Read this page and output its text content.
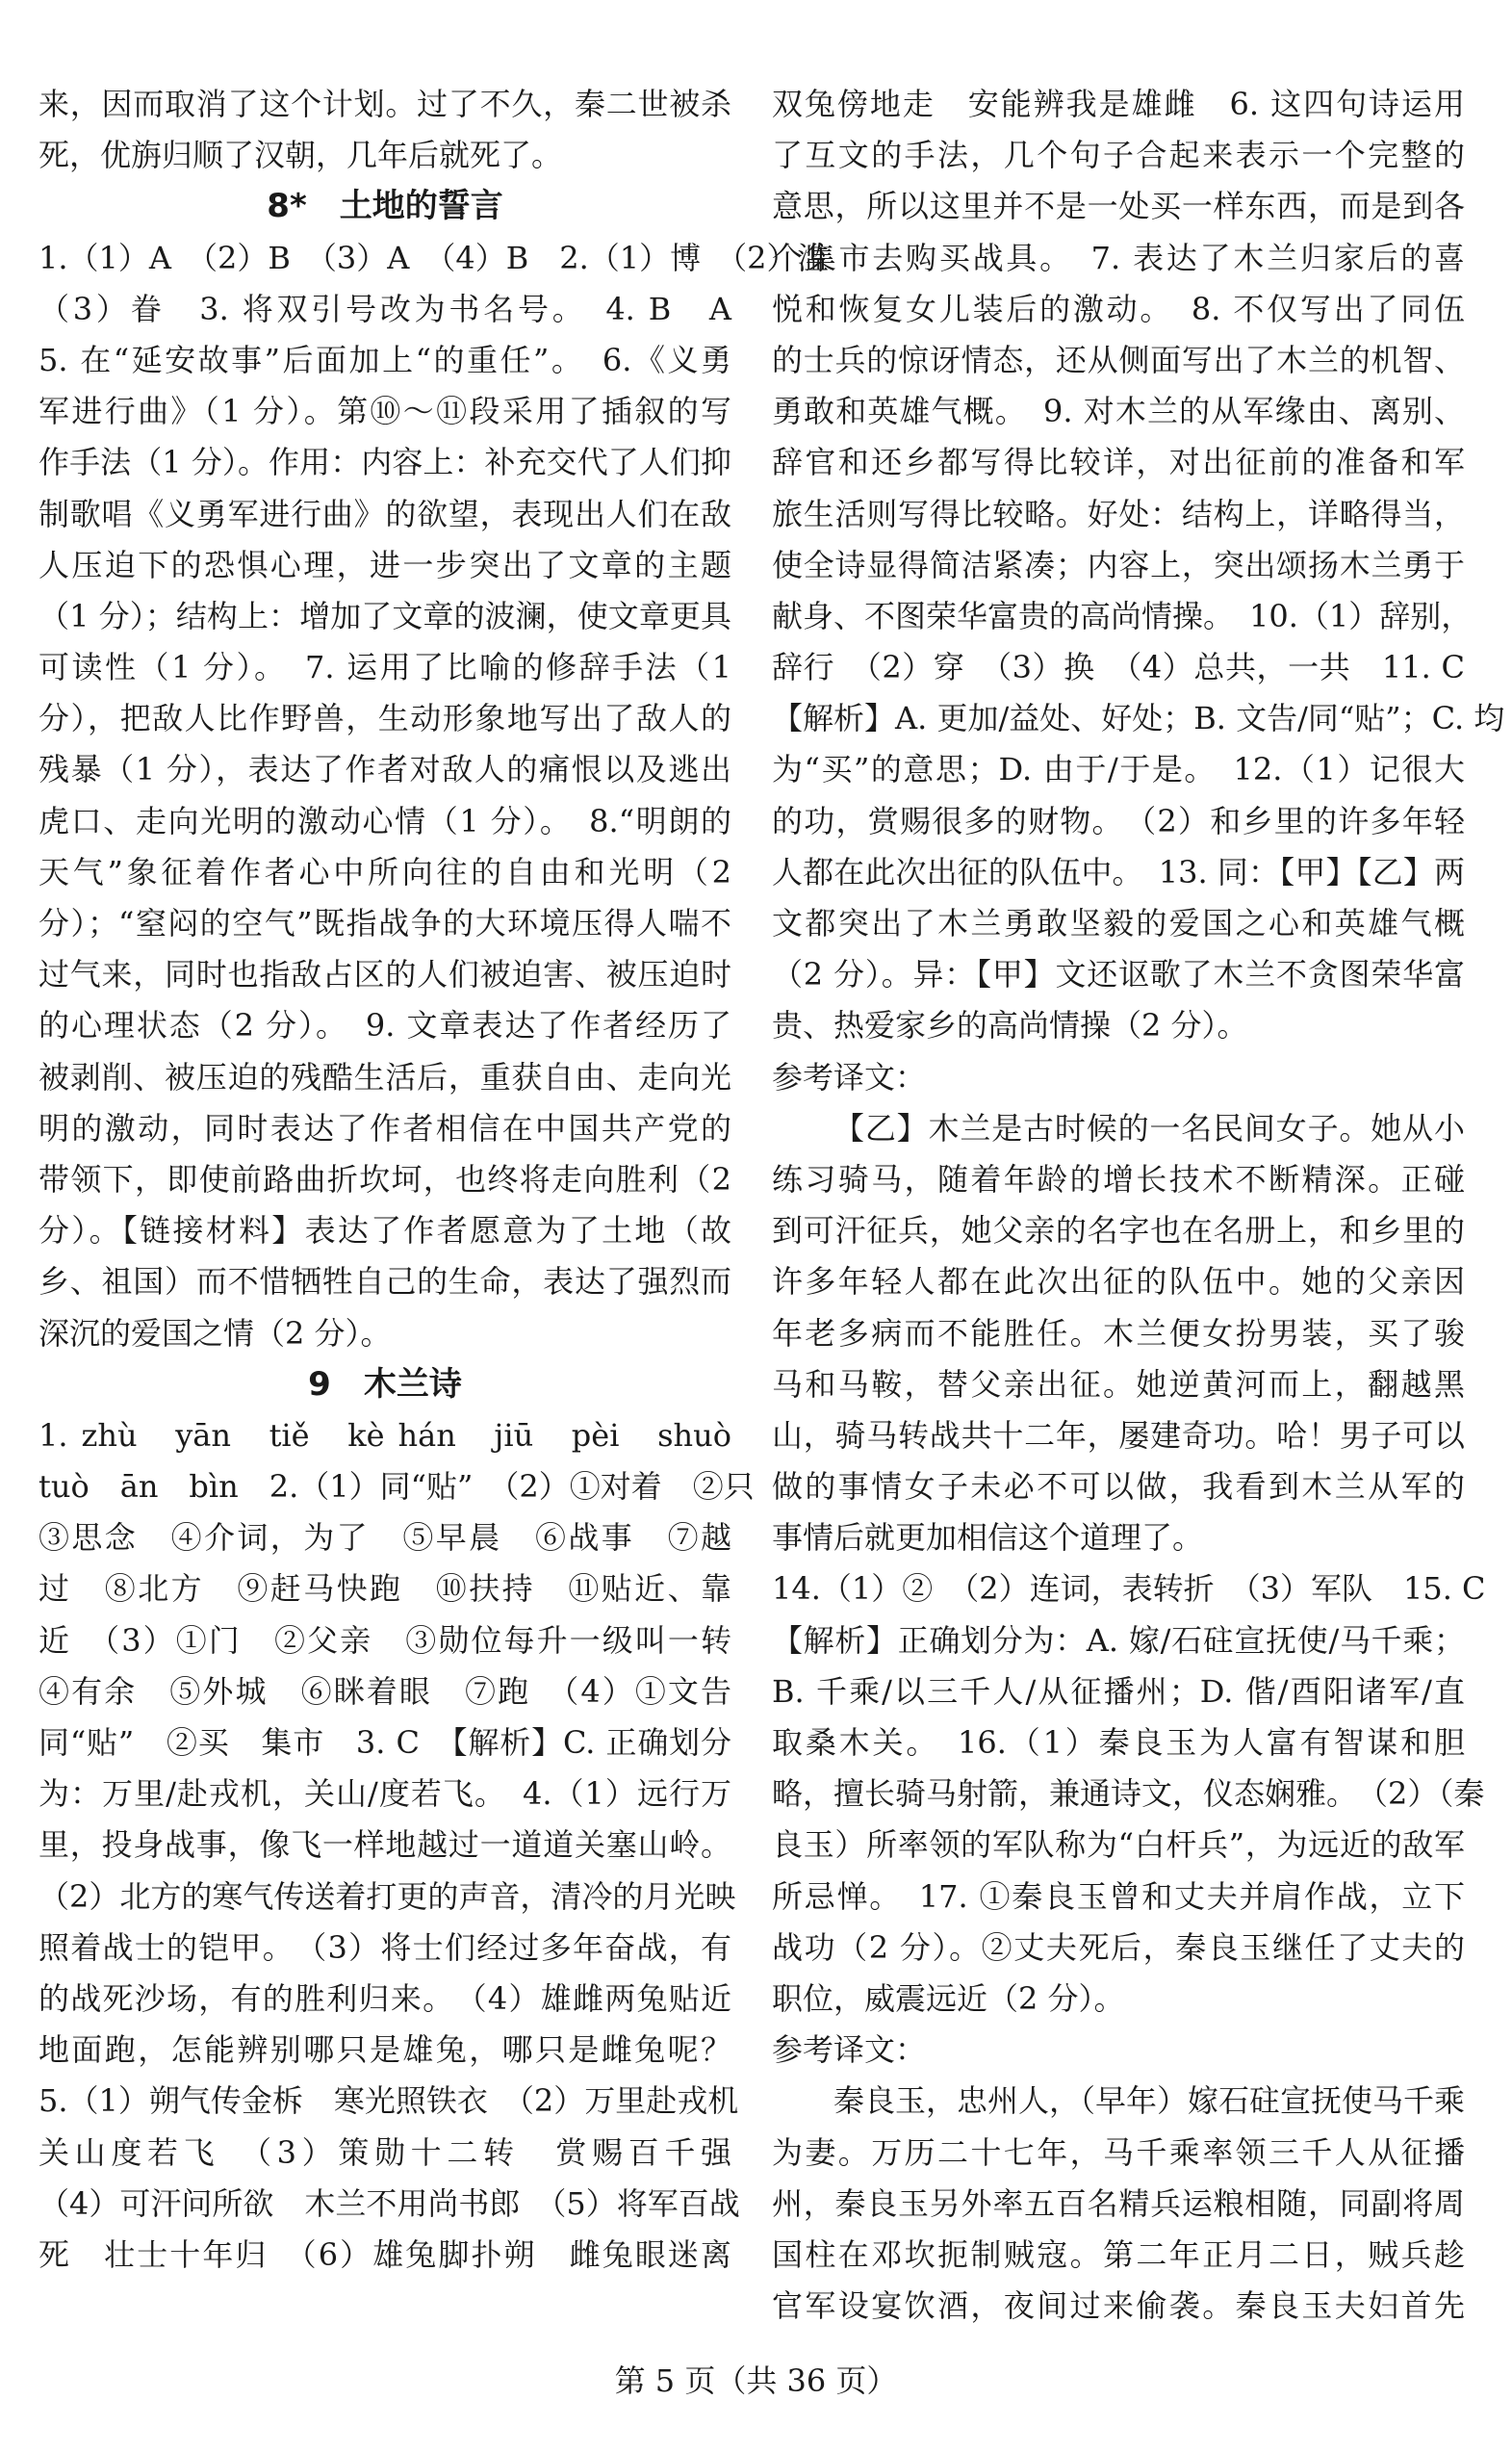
来，因而取消了这个计划。过了不久，秦二世被杀
死，优旃归顺了汉朝，几年后就死了。
8*　土地的誓言
1.（1）A　（2）B　（3）A　（4）B　2.（1）博　（2）滥
（3）眷　3. 将双引号改为书名号。　4. B　A
5. 在“延安故事”后面加上“的重任”。　6.《义勇
军进行曲》（1 分）。第⑩～⑪段采用了插叙的写
作手法（1 分）。作用：内容上：补充交代了人们抑
制歌唱《义勇军进行曲》的欲望，表现出人们在敌
人压迫下的恐惧心理，进一步突出了文章的主题
（1 分）；结构上：增加了文章的波澜，使文章更具
可读性（1 分）。　7. 运用了比喻的修辞手法（1
分），把敌人比作野兽，生动形象地写出了敌人的
残暴（1 分），表达了作者对敌人的痛恨以及逃出
虎口、走向光明的激动心情（1 分）。　8.“明朗的
天气”象征着作者心中所向往的自由和光明（2
分）；“窒闷的空气”既指战争的大环境压得人喘不
过气来，同时也指敌占区的人们被迫害、被压迫时
的心理状态（2 分）。　9. 文章表达了作者经历了
被剥削、被压迫的残酷生活后，重获自由、走向光
明的激动，同时表达了作者相信在中国共产党的
带领下，即使前路曲折坎坷，也终将走向胜利（2
分）。【链接材料】表达了作者愿意为了土地（故
乡、祖国）而不惜牺牲自己的生命，表达了强烈而
深沉的爱国之情（2 分）。
9　木兰诗
1. zhù　yān　tiě　kè hán　jiū　pèi　shuò
tuò　ān　bìn　2.（1）同“贴”　（2）①对着　②只
③思念　④介词，为了　⑤早晨　⑥战事　⑦越
过　⑧北方　⑨赶马快跑　⑩扶持　⑪贴近、靠
近　（3）①门　②父亲　③勋位每升一级叫一转
④有余　⑤外城　⑥眯着眼　⑦跑　（4）①文告
同“贴”　②买　集市　3. C　【解析】C. 正确划分
为：万里/赴戎机，关山/度若飞。　4.（1）远行万
里，投身战事，像飞一样地越过一道道关塞山岭。
（2）北方的寒气传送着打更的声音，清冷的月光映
照着战士的铠甲。　（3）将士们经过多年奋战，有
的战死沙场，有的胜利归来。　（4）雄雌两兔贴近
地面跑，怎能辨别哪只是雄兔，哪只是雌兔呢？
5.（1）朔气传金柝　寒光照铁衣　（2）万里赴戎机
关山度若飞　（3）策勋十二转　赏赐百千强
（4）可汗问所欲　木兰不用尚书郎　（5）将军百战
死　壮士十年归　（6）雄兔脚扑朔　雌兔眼迷离
双兔傍地走　安能辨我是雄雌　6. 这四句诗运用
了互文的手法，几个句子合起来表示一个完整的
意思，所以这里并不是一处买一样东西，而是到各
个集市去购买战具。　7. 表达了木兰归家后的喜
悦和恢复女儿装后的激动。　8. 不仅写出了同伍
的士兵的惊讶情态，还从侧面写出了木兰的机智、
勇敢和英雄气概。　9. 对木兰的从军缘由、离别、
辞官和还乡都写得比较详，对出征前的准备和军
旅生活则写得比较略。好处：结构上，详略得当，
使全诗显得简洁紧凑；内容上，突出颂扬木兰勇于
献身、不图荣华富贵的高尚情操。　10.（1）辞别，
辞行　（2）穿　（3）换　（4）总共，一共　11. C
【解析】A. 更加/益处、好处；B. 文告/同“贴”；C. 均
为“买”的意思；D. 由于/于是。　12.（1）记很大
的功，赏赐很多的财物。　（2）和乡里的许多年轻
人都在此次出征的队伍中。　13. 同：【甲】【乙】两
文都突出了木兰勇敢坚毅的爱国之心和英雄气概
（2 分）。异：【甲】文还讴歌了木兰不贪图荣华富
贵、热爱家乡的高尚情操（2 分）。
参考译文：
【乙】木兰是古时候的一名民间女子。她从小
练习骑马，随着年龄的增长技术不断精深。正碰
到可汗征兵，她父亲的名字也在名册上，和乡里的
许多年轻人都在此次出征的队伍中。她的父亲因
年老多病而不能胜任。木兰便女扮男装，买了骏
马和马鞍，替父亲出征。她逆黄河而上，翻越黑
山，骑马转战共十二年，屡建奇功。哈！男子可以
做的事情女子未必不可以做，我看到木兰从军的
事情后就更加相信这个道理了。
14.（1）②　（2）连词，表转折　（3）军队　15. C
【解析】正确划分为：A. 嫁/石砫宣抚使/马千乘；
B. 千乘/以三千人/从征播州；D. 偕/酉阳诸军/直
取桑木关。　16.（1）秦良玉为人富有智谋和胆
略，擅长骑马射箭，兼通诗文，仪态娴雅。　（2）（秦
良玉）所率领的军队称为“白杆兵”，为远近的敌军
所忌惮。　17. ①秦良玉曾和丈夫并肩作战，立下
战功（2 分）。②丈夫死后，秦良玉继任了丈夫的
职位，威震远近（2 分）。
参考译文：
秦良玉，忠州人，（早年）嫁石砫宣抚使马千乘
为妻。万历二十七年，马千乘率领三千人从征播
州，秦良玉另外率五百名精兵运粮相随，同副将周
国柱在邓坎扼制贼寇。第二年正月二日，贼兵趁
官军设宴饮酒，夜间过来偷袭。秦良玉夫妇首先
第 5 页（共 36 页）
